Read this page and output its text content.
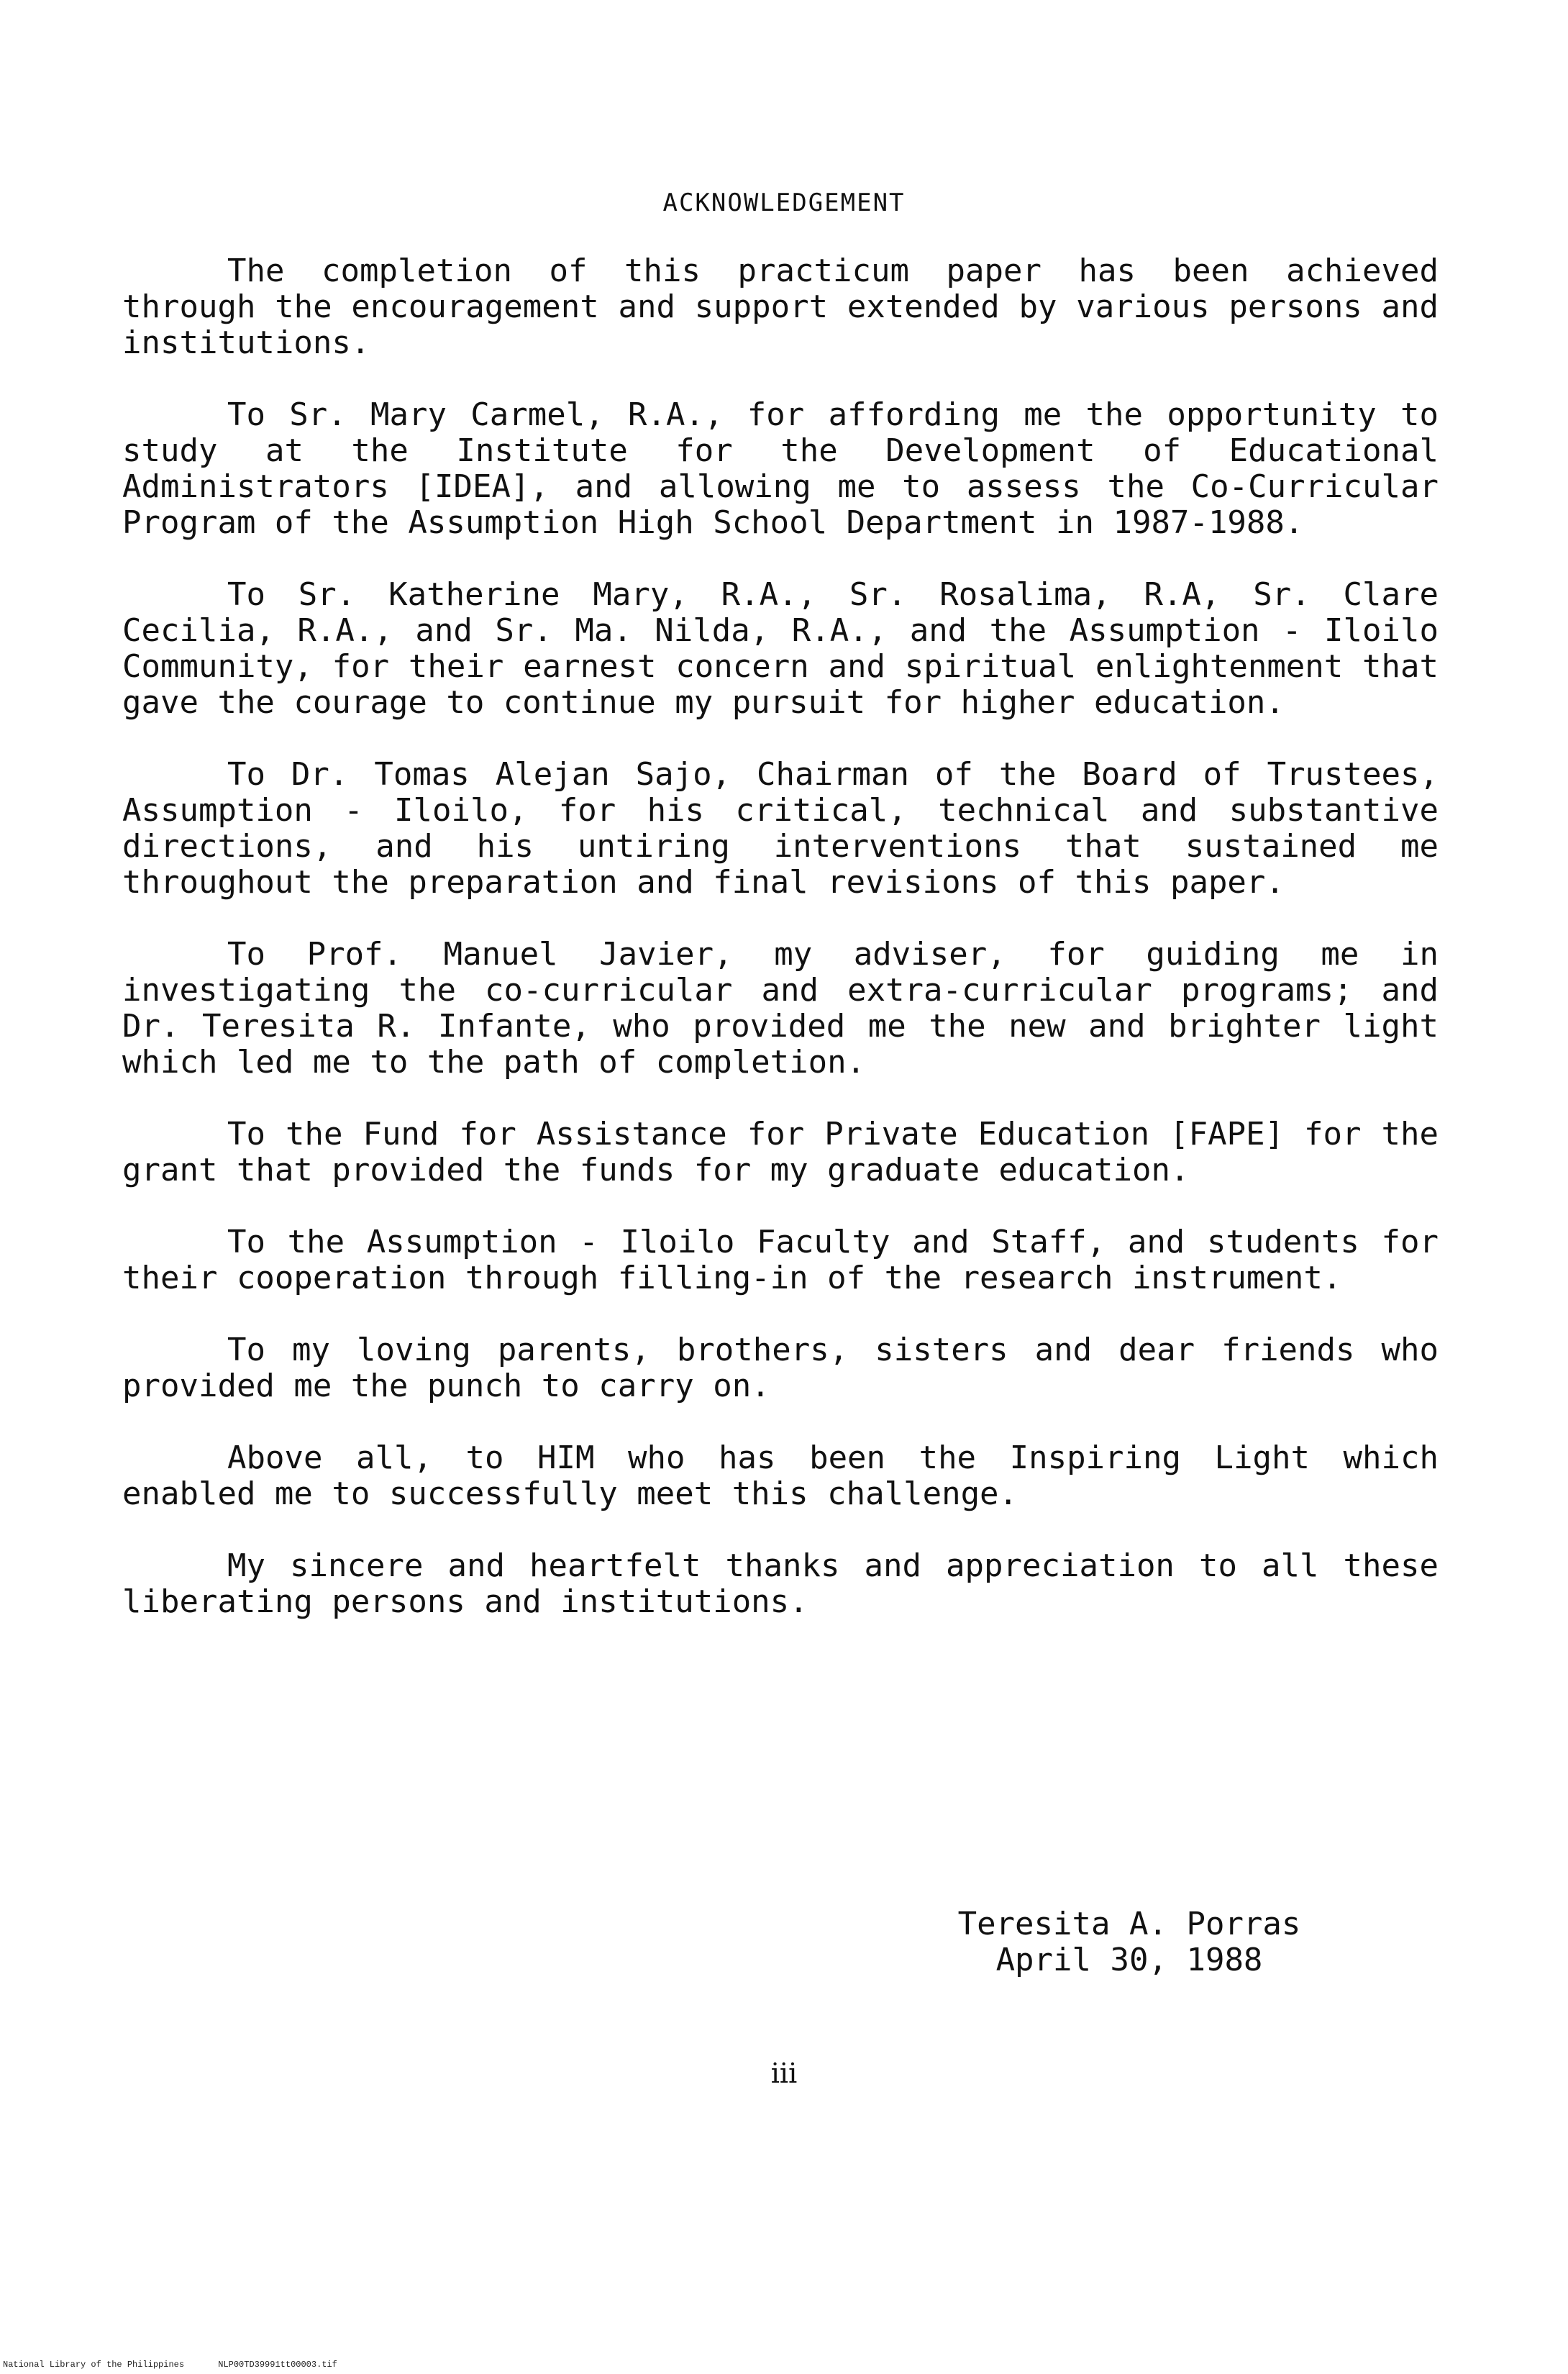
ACKNOWLEDGEMENT

The completion of this practicum paper has been achieved through the encouragement and support extended by various persons and institutions.

To Sr. Mary Carmel, R.A., for affording me the opportunity to study at the Institute for the Development of Educational Administrators [IDEA], and allowing me to assess the Co-Curricular Program of the Assumption High School Department in 1987-1988.

To Sr. Katherine Mary, R.A., Sr. Rosalima, R.A, Sr. Clare Cecilia, R.A., and Sr. Ma. Nilda, R.A., and the Assumption - Iloilo Community, for their earnest concern and spiritual enlightenment that gave the courage to continue my pursuit for higher education.

To Dr. Tomas Alejan Sajo, Chairman of the Board of Trustees, Assumption - Iloilo, for his critical, technical and substantive directions, and his untiring interventions that sustained me throughout the preparation and final revisions of this paper.

To Prof. Manuel Javier, my adviser, for guiding me in investigating the co-curricular and extra-curricular programs; and Dr. Teresita R. Infante, who provided me the new and brighter light which led me to the path of completion.

To the Fund for Assistance for Private Education [FAPE] for the grant that provided the funds for my graduate education.

To the Assumption - Iloilo Faculty and Staff, and students for their cooperation through filling-in of the research instrument.

To my loving parents, brothers, sisters and dear friends who provided me the punch to carry on.

Above all, to HIM who has been the Inspiring Light which enabled me to successfully meet this challenge.

My sincere and heartfelt thanks and appreciation to all these liberating persons and institutions.

Teresita A. Porras
April 30, 1988
iii
National Library of the Philippines	NLP00TD39991tt00003.tif
